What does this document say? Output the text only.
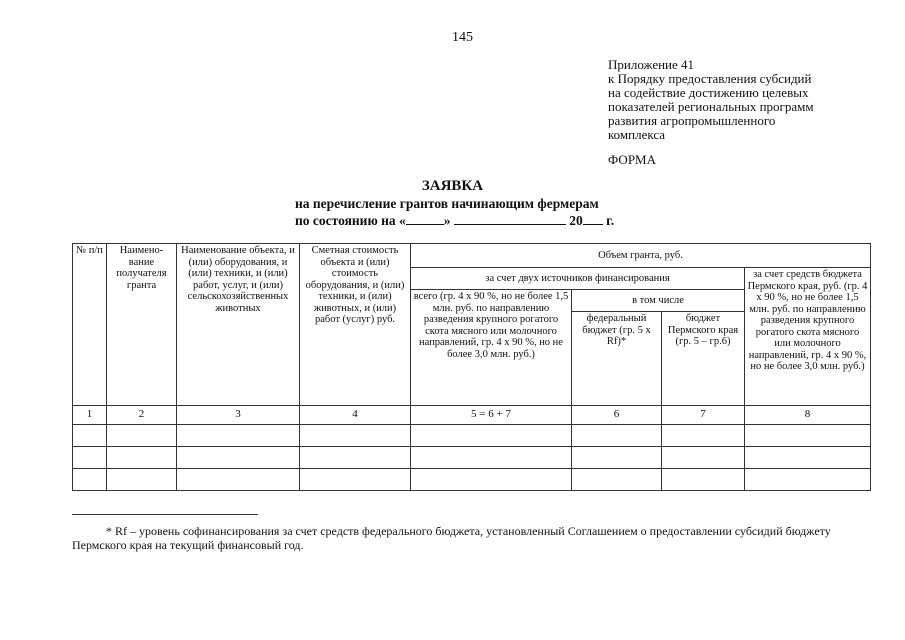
145
Приложение 41
к Порядку предоставления субсидий
на содействие достижению целевых
показателей региональных программ
развития агропромышленного
комплекса
ФОРМА
ЗАЯВКА
на перечисление грантов начинающим фермерам
по состоянию на «	»	20 г.
№ п/п	Наимено-вание получателя гранта	Наименование объекта, и (или) оборудования, и (или) техники, и (или) работ, услуг, и (или) сельскохозяйственных животных	Сметная стоимость объекта и (или) стоимость оборудования, и (или) техники, и (или) животных, и (или) работ (услуг) руб.	Объем гранта, руб.			
				за счет двух источников финансирования			за счет средств бюджета Пермского края, руб. (гр. 4 х 90 %, но не более 1,5 млн. руб. по направлению разведения крупного рогатого скота мясного или молочного направлений, гр. 4 х 90 %, но не более 3,0 млн. руб.)
				всего (гр. 4 х 90 %, но не более 1,5 млн. руб. по направлению разведения крупного рогатого скота мясного или молочного направлений, гр. 4 х 90 %, но не более 3,0 млн. руб.)	в том числе		
					федеральный бюджет (гр. 5 х Rf)*	бюджет Пермского края (гр. 5 – гр.6)	
1	2	3	4	5 = 6 + 7	6	7	8

* Rf – уровень софинансирования за счет средств федерального бюджета, установленный Соглашением о предоставлении субсидий бюджету Пермского края на текущий финансовый год.
